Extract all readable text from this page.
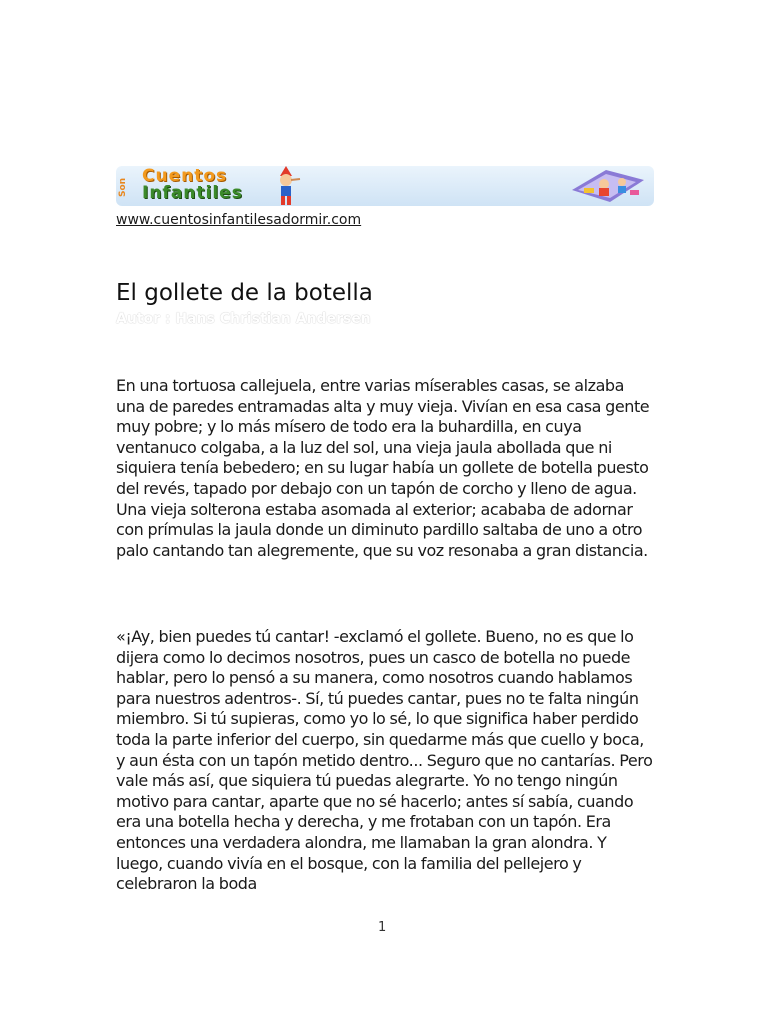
Son
Cuentos
Infantiles
www.cuentosinfantilesadormir.com
El gollete de la botella
Autor : Hans Christian Andersen

En una tortuosa callejuela, entre varias míserables casas, se alzaba una de paredes entramadas alta y muy vieja. Vivían en esa casa gente muy pobre; y lo más mísero de todo era la buhardilla, en cuya ventanuco colgaba, a la luz del sol, una vieja jaula abollada que ni siquiera tenía bebedero; en su lugar había un gollete de botella puesto del revés, tapado por debajo con un tapón de corcho y lleno de agua. Una vieja solterona estaba asomada al exterior; acababa de adornar con prímulas la jaula donde un diminuto pardillo saltaba de uno a otro palo cantando tan alegremente, que su voz resonaba a gran distancia.

«¡Ay, bien puedes tú cantar! -exclamó el gollete. Bueno, no es que lo dijera como lo decimos nosotros, pues un casco de botella no puede hablar, pero lo pensó a su manera, como nosotros cuando hablamos para nuestros adentros-. Sí, tú puedes cantar, pues no te falta ningún miembro. Si tú supieras, como yo lo sé, lo que significa haber perdido toda la parte inferior del cuerpo, sin quedarme más que cuello y boca, y aun ésta con un tapón metido dentro... Seguro que no cantarías. Pero vale más así, que siquiera tú puedas alegrarte. Yo no tengo ningún motivo para cantar, aparte que no sé hacerlo; antes sí sabía, cuando era una botella hecha y derecha, y me frotaban con un tapón. Era entonces una verdadera alondra, me llamaban la gran alondra. Y luego, cuando vivía en el bosque, con la familia del pellejero y celebraron la boda

1
